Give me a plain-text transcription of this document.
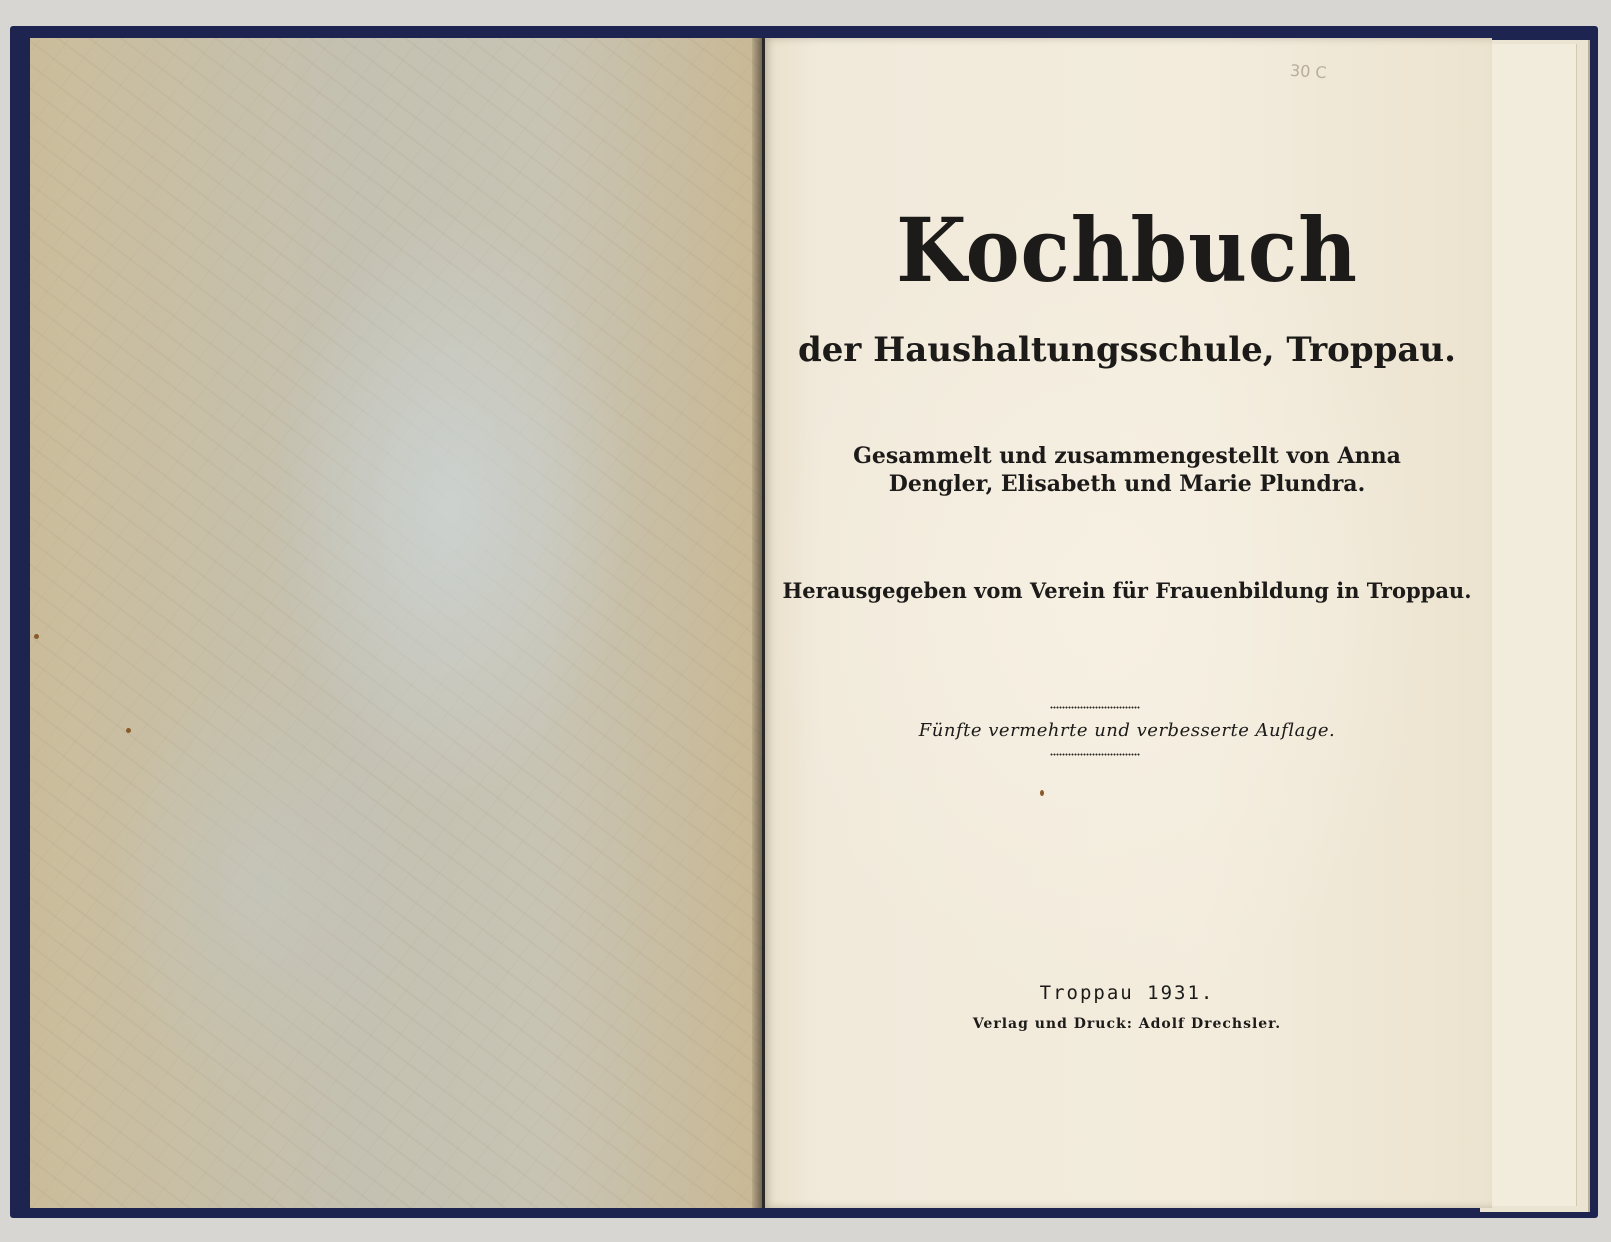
30 C
Kochbuch
der Haushaltungsschule, Troppau.
Gesammelt und zusammengestellt von Anna
Dengler, Elisabeth und Marie Plundra.
Herausgegeben vom Verein für Frauenbildung in Troppau.
Fünfte vermehrte und verbesserte Auflage.
Troppau 1931.
Verlag und Druck: Adolf Drechsler.
